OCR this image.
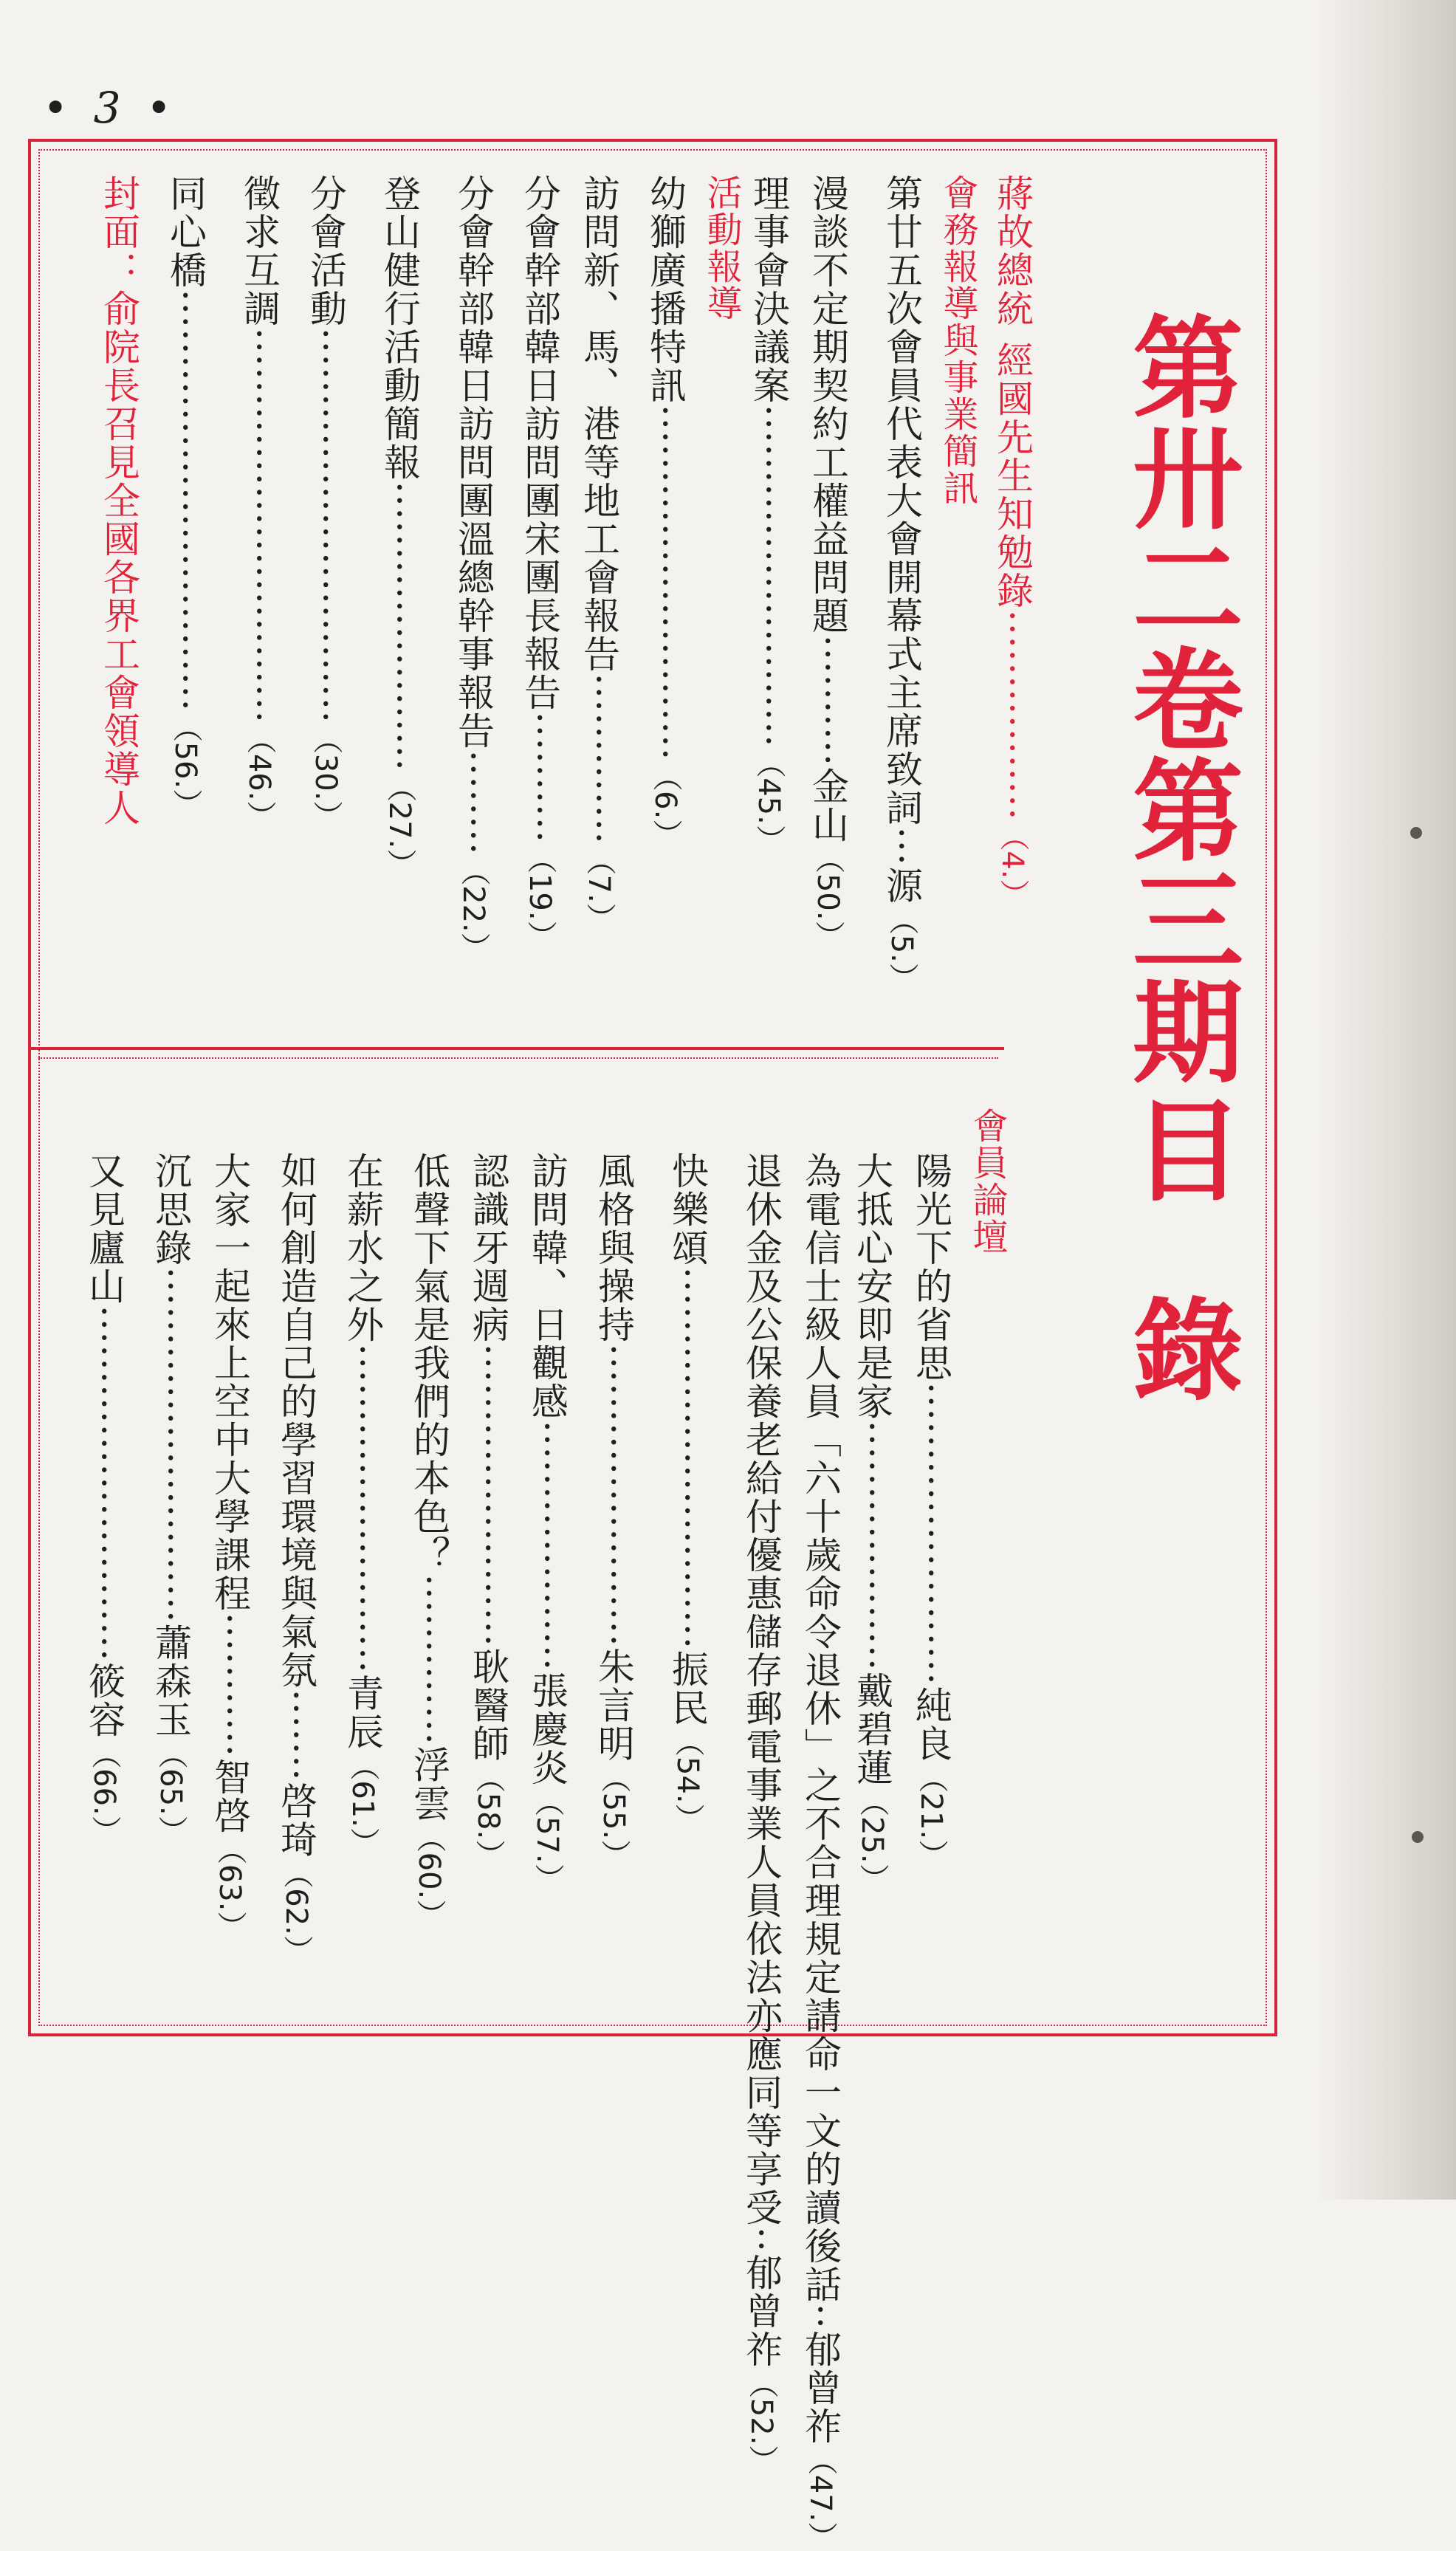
• 3 •
第卅二卷第三期
目錄
蔣故總統 經國先生知勉錄················（4.）
第廿五次會員代表大會開幕式主席致詞···源（5.）
漫談不定期契約工權益問題··········金山（50.）
理事會決議案··························（45.）
幼獅廣播特訊···························（6.）
訪問新、馬、港等地工會報告·············（7.）
分會幹部韓日訪問團宋團長報告··········（19.）
分會幹部韓日訪問團溫總幹事報告········（22.）
登山健行活動簡報······················（27.）
分會活動······························（30.）
徵求互調······························（46.）
同心橋································（56.）
封面：俞院長召見全國各界工會領導人
陽光下的省思·······················純良（21.）
大抵心安即是家···················戴碧蓮（25.）
為電信士級人員「六十歲命令退休」之不合理規定請命一文的讀後話··郁曾祚（47.）
退休金及公保養老給付優惠儲存郵電事業人員依法亦應同等享受··郁曾祚（52.）
快樂頌·····························振民（54.）
風格與操持·······················朱言明（55.）
訪問韓、日觀感···················張慶炎（57.）
認識牙週病·······················耿醫師（58.）
低聲下氣是我們的本色？·············浮雲（60.）
在薪水之外·························青辰（61.）
如何創造自己的學習環境與氣氛·······啓琦（62.）
大家一起來上空中大學課程···········智啓（63.）
沉思錄···························蕭森玉（65.）
又見廬山···························筱容（66.）
會務報導與事業簡訊
活動報導
會員論壇
